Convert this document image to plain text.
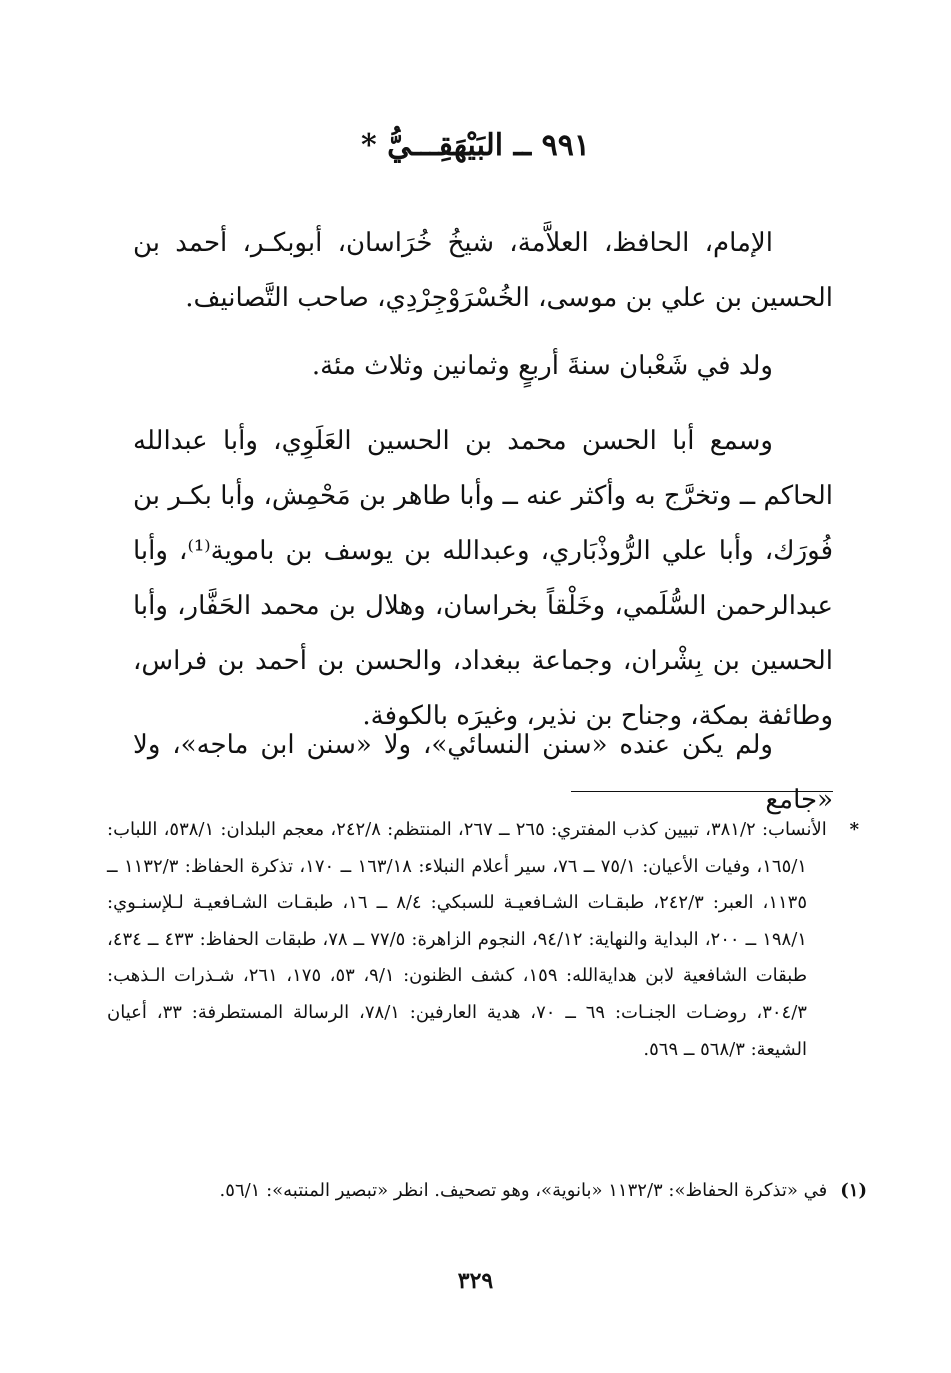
٩٩١ ــ البَيْهَقِـــيُّ *

الإمام، الحافظ، العلاَّمة، شيخُ خُرَاسان، أبوبكـر، أحمد بن الحسين بن علي بن موسى، الخُسْرَوْجِرْدِي، صاحب التَّصانيف.

ولد في شَعْبان سنةَ أربعٍ وثمانين وثلاث مئة.

وسمع أبا الحسن محمد بن الحسين العَلَوِي، وأبا عبدالله الحاكم ــ وتخرَّج به وأكثر عنه ــ وأبا طاهر بن مَحْمِش، وأبا بكـر بن فُورَك، وأبا علي الرُّوذْبَاري، وعبدالله بن يوسف بن باموية⁽¹⁾، وأبا عبدالرحمن السُّلَمي، وخَلْقاً بخراسان، وهلال بن محمد الحَفَّار، وأبا الحسين بن بِشْران، وجماعة ببغداد، والحسن بن أحمد بن فراس، وطائفة بمكة، وجناح بن نذير، وغيرَه بالكوفة.

ولم يكن عنده «سنن النسائي»، ولا «سنن ابن ماجه»، ولا «جامع

* الأنساب: ٣٨١/٢، تبيين كذب المفتري: ٢٦٥ ــ ٢٦٧، المنتظم: ٢٤٢/٨، معجم البلدان: ٥٣٨/١، اللباب: ١٦٥/١، وفيات الأعيان: ٧٥/١ ــ ٧٦، سير أعلام النبلاء: ١٦٣/١٨ ــ ١٧٠، تذكرة الحفاظ: ١١٣٢/٣ ــ ١١٣٥، العبر: ٢٤٢/٣، طبقـات الشـافعيـة للسبكي: ٨/٤ ــ ١٦، طبقـات الشـافعيـة لـلإسنـوي: ١٩٨/١ ــ ٢٠٠، البداية والنهاية: ٩٤/١٢، النجوم الزاهرة: ٧٧/٥ ــ ٧٨، طبقات الحفاظ: ٤٣٣ ــ ٤٣٤، طبقات الشافعية لابن هدايةالله: ١٥٩، كشف الظنون: ٩/١، ٥٣، ١٧٥، ٢٦١، شـذرات الـذهب: ٣٠٤/٣، روضـات الجنـات: ٦٩ ــ ٧٠، هدية العارفين: ٧٨/١، الرسالة المستطرفة: ٣٣، أعيان الشيعة: ٥٦٨/٣ ــ ٥٦٩.
(١) في «تذكرة الحفاظ»: ١١٣٢/٣ «بانوية»، وهو تصحيف. انظر «تبصير المنتبه»: ٥٦/١.
٣٢٩
